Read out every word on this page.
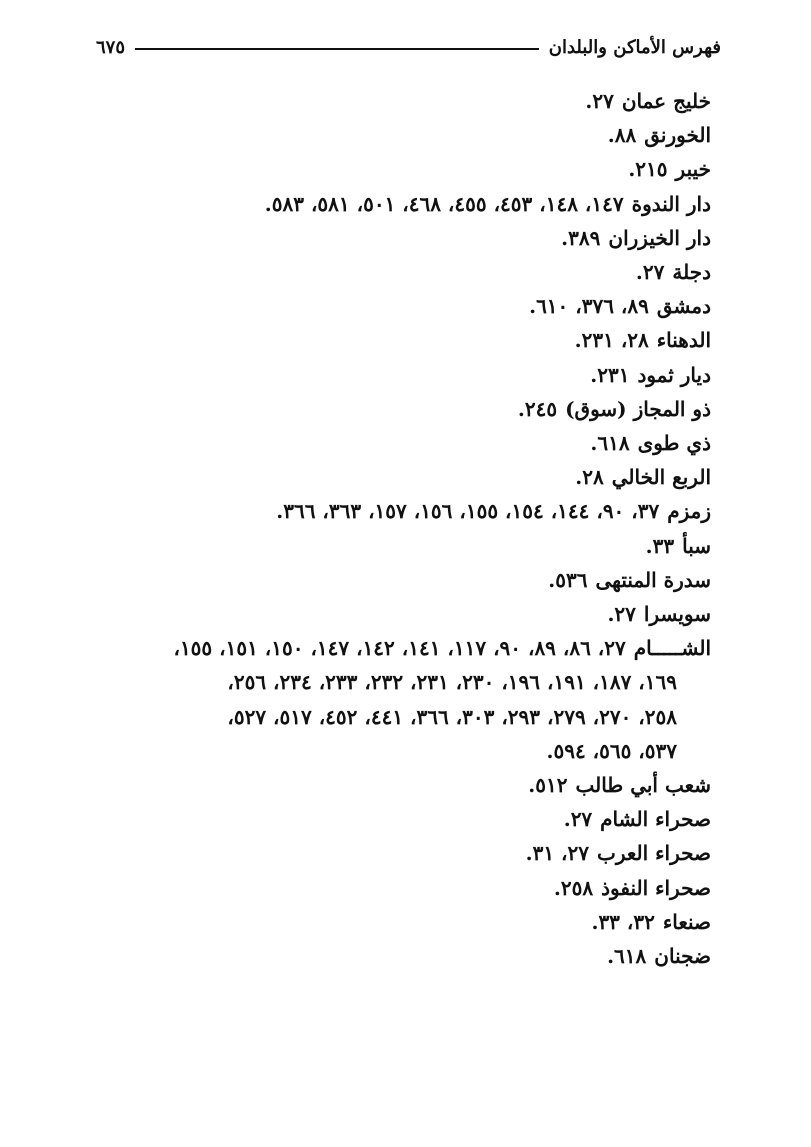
فهرس الأماكن والبلدان
٦٧٥
خليج عمان٢٧.
الخورنق٨٨.
خيبر٢١٥.
دار الندوة١٤٧، ١٤٨، ٤٥٣، ٤٥٥، ٤٦٨، ٥٠١، ٥٨١، ٥٨٣.
دار الخيزران٣٨٩.
دجلة٢٧.
دمشق٨٩، ٣٧٦، ٦١٠.
الدهناء٢٨، ٢٣١.
ديار ثمود٢٣١.
ذو المجاز (سوق)٢٤٥.
ذي طوى٦١٨.
الربع الخالي٢٨.
زمزم٣٧، ٩٠، ١٤٤، ١٥٤، ١٥٥، ١٥٦، ١٥٧، ٣٦٣، ٣٦٦.
سبأ٣٣.
سدرة المنتهى٥٣٦.
سويسرا٢٧.
الشـــــام٢٧، ٨٦، ٨٩، ٩٠، ١١٧، ١٤١، ١٤٢، ١٤٧، ١٥٠، ١٥١، ١٥٥،
١٦٩، ١٨٧، ١٩١، ١٩٦، ٢٣٠، ٢٣١، ٢٣٢، ٢٣٣، ٢٣٤، ٢٥٦،
٢٥٨، ٢٧٠، ٢٧٩، ٢٩٣، ٣٠٣، ٣٦٦، ٤٤١، ٤٥٢، ٥١٧، ٥٢٧،
٥٣٧، ٥٦٥، ٥٩٤.
شعب أبي طالب٥١٢.
صحراء الشام٢٧.
صحراء العرب٢٧، ٣١.
صحراء النفوذ٢٥٨.
صنعاء٣٢، ٣٣.
ضجنان٦١٨.
